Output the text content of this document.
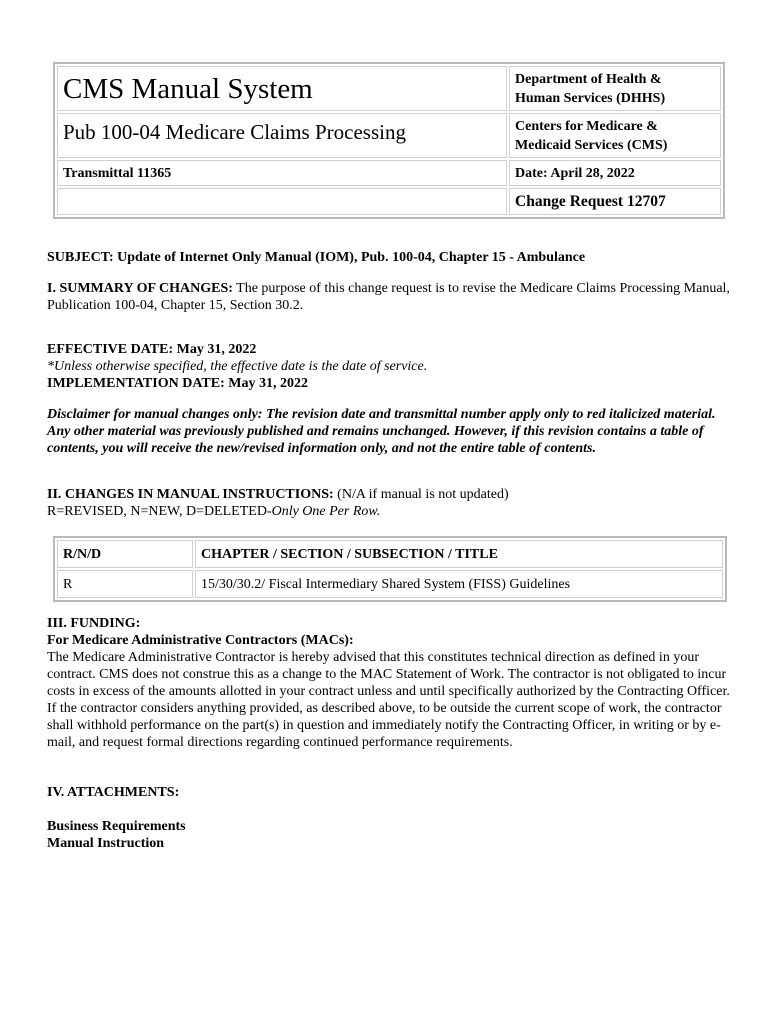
CMS Manual System	Department of Health &
Human Services (DHHS)

Pub 100-04 Medicare Claims Processing	Centers for Medicare &
Medicaid Services (CMS)

Transmittal 11365	Date: April 28, 2022

	Change Request 12707
SUBJECT: Update of Internet Only Manual (IOM), Pub. 100-04, Chapter 15 - Ambulance
I. SUMMARY OF CHANGES: The purpose of this change request is to revise the Medicare Claims Processing Manual, Publication 100-04, Chapter 15, Section 30.2.
EFFECTIVE DATE: May 31, 2022
*Unless otherwise specified, the effective date is the date of service.
IMPLEMENTATION DATE: May 31, 2022
Disclaimer for manual changes only: The revision date and transmittal number apply only to red italicized material. Any other material was previously published and remains unchanged. However, if this revision contains a table of contents, you will receive the new/revised information only, and not the entire table of contents.
II. CHANGES IN MANUAL INSTRUCTIONS: (N/A if manual is not updated)
R=REVISED, N=NEW, D=DELETED-Only One Per Row.
R/N/D	CHAPTER / SECTION / SUBSECTION / TITLE
R	15/30/30.2/ Fiscal Intermediary Shared System (FISS) Guidelines
III. FUNDING:
For Medicare Administrative Contractors (MACs):
The Medicare Administrative Contractor is hereby advised that this constitutes technical direction as defined in your contract. CMS does not construe this as a change to the MAC Statement of Work. The contractor is not obligated to incur costs in excess of the amounts allotted in your contract unless and until specifically authorized by the Contracting Officer. If the contractor considers anything provided, as described above, to be outside the current scope of work, the contractor shall withhold performance on the part(s) in question and immediately notify the Contracting Officer, in writing or by e-mail, and request formal directions regarding continued performance requirements.
IV. ATTACHMENTS:
Business Requirements
Manual Instruction
